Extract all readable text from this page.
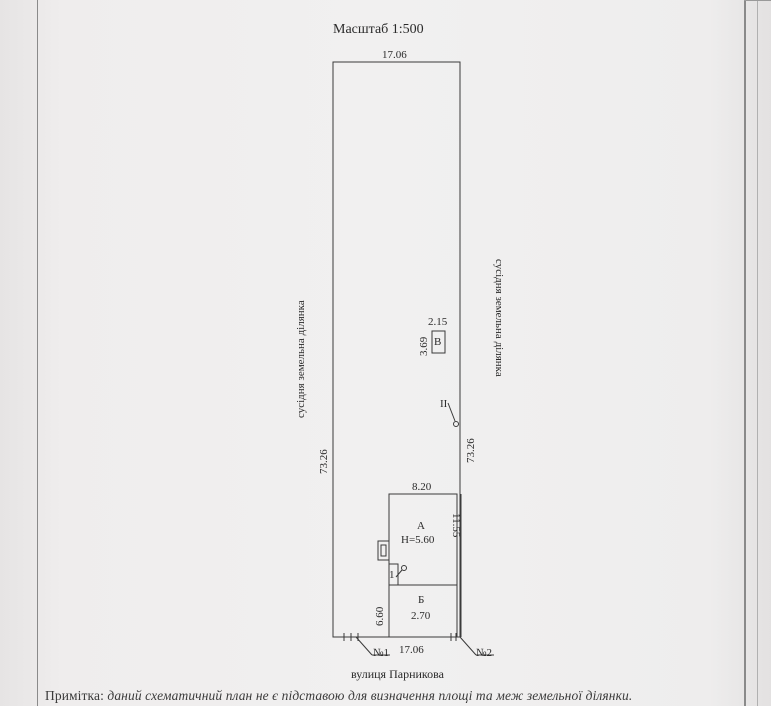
Масштаб 1:500
17.06
17.06
73.26	73.26
2.15
3.69
8.20
11.55
6.60
сусідня земельна ділянка	сусідня земельна ділянка
В
А
Н=5.60
Б
2.70
1
II
№1	№2
вулиця Парникова
Примітка: даний схематичний план не є підставою для визначення площі та меж земельної ділянки.
